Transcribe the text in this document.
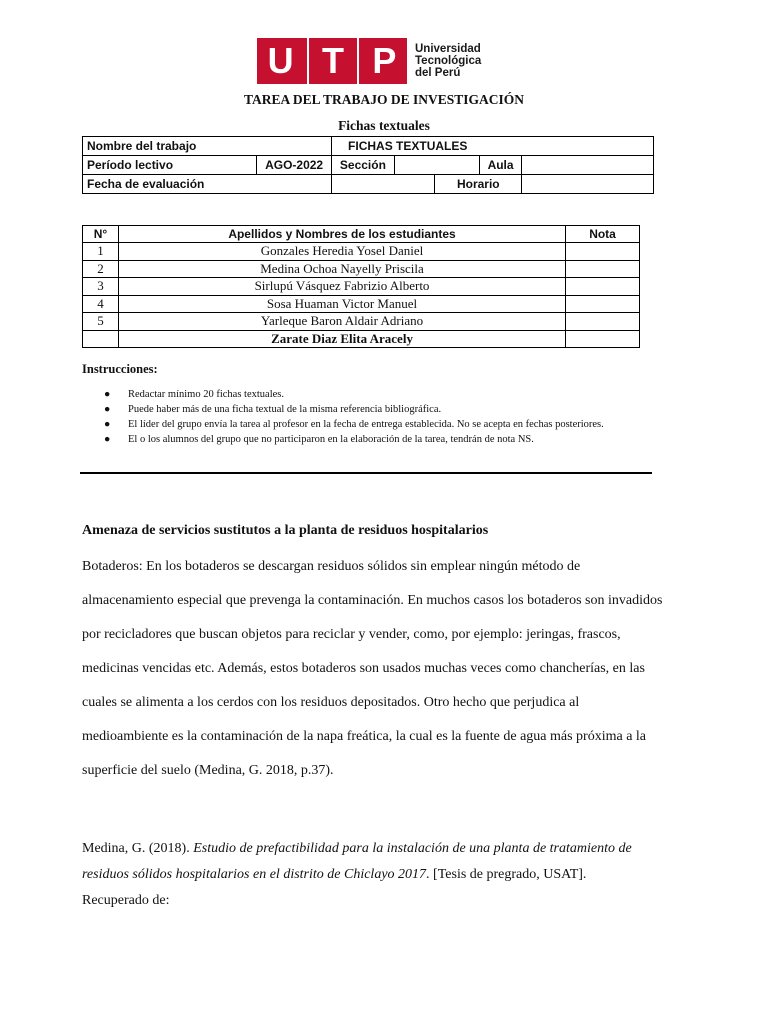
U T P Universidad
Tecnológica
del Perú
TAREA DEL TRABAJO DE INVESTIGACIÓN
Fichas textuales
Nombre del trabajo		FICHAS TEXTUALES				
Período lectivo	AGO-2022	Sección			Aula	
Fecha de evaluación				Horario		
N°	Apellidos y Nombres de los estudiantes	Nota
1	Gonzales Heredia Yosel Daniel	
2	Medina Ochoa Nayelly Priscila	
3	Sirlupú Vásquez Fabrizio Alberto	
4	Sosa Huaman Victor Manuel	
5	Yarleque Baron Aldair Adriano	
	Zarate Diaz Elita Aracely	
Instrucciones:
● Redactar mínimo 20 fichas textuales.
● Puede haber más de una ficha textual de la misma referencia bibliográfica.
● El líder del grupo envía la tarea al profesor en la fecha de entrega establecida. No se acepta en fechas posteriores.
● El o los alumnos del grupo que no participaron en la elaboración de la tarea, tendrán de nota NS.
Amenaza de servicios sustitutos a la planta de residuos hospitalarios

Botaderos: En los botaderos se descargan residuos sólidos sin emplear ningún método de almacenamiento especial que prevenga la contaminación. En muchos casos los botaderos son invadidos por recicladores que buscan objetos para reciclar y vender, como, por ejemplo: jeringas, frascos, medicinas vencidas etc. Además, estos botaderos son usados muchas veces como chancherías, en las cuales se alimenta a los cerdos con los residuos depositados. Otro hecho que perjudica al medioambiente es la contaminación de la napa freática, la cual es la fuente de agua más próxima a la superficie del suelo (Medina, G. 2018, p.37).

Medina, G. (2018). Estudio de prefactibilidad para la instalación de una planta de tratamiento de residuos sólidos hospitalarios en el distrito de Chiclayo 2017. [Tesis de pregrado, USAT]. Recuperado de:
